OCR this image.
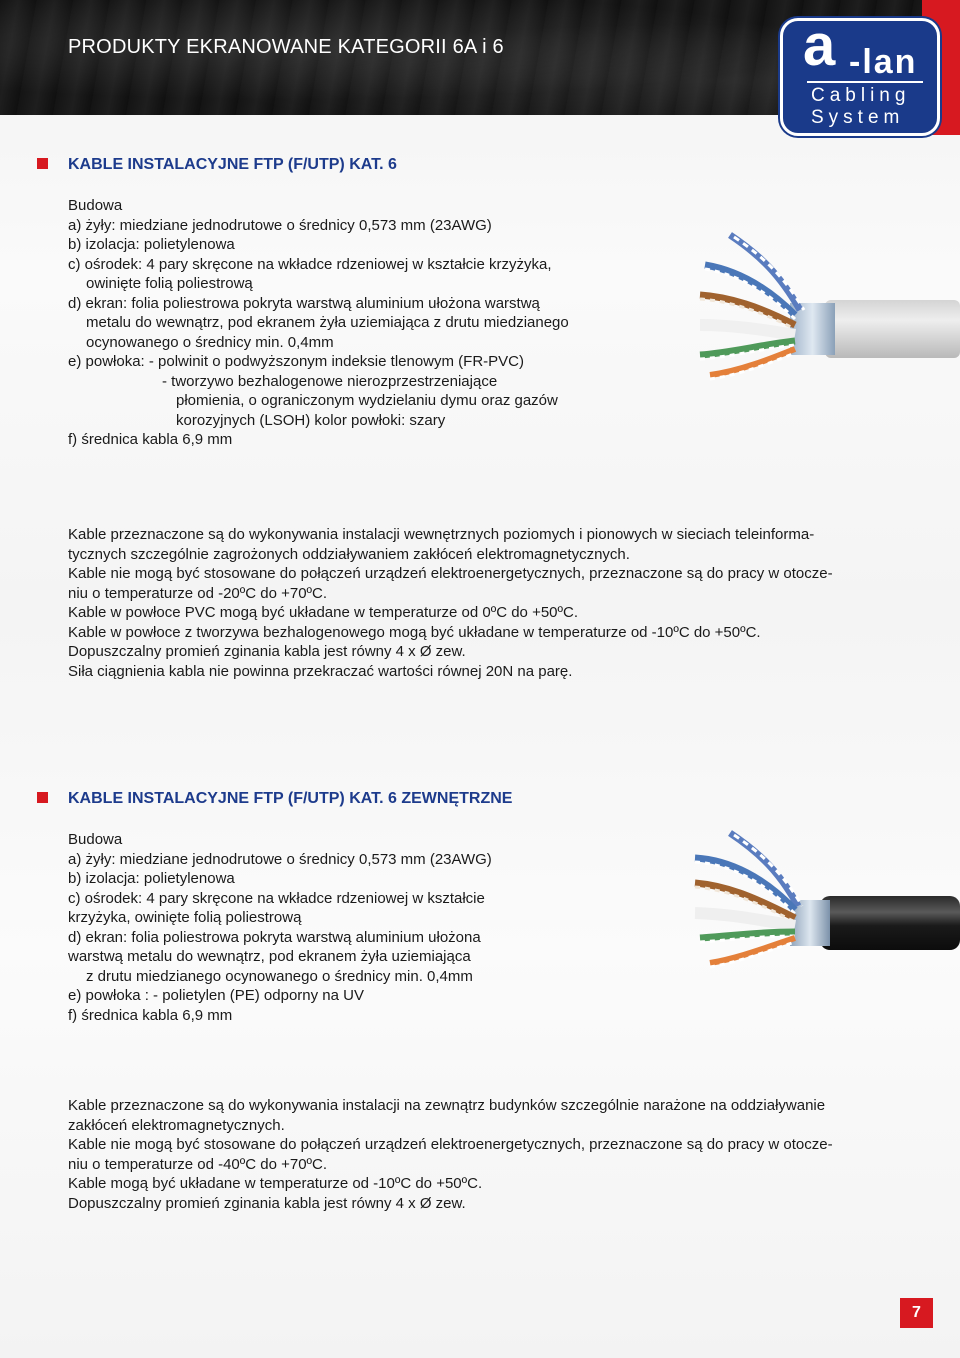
PRODUKTY EKRANOWANE KATEGORII 6A i 6	a -lan
Cabling
System
KABLE INSTALACYJNE FTP (F/UTP) KAT. 6
Budowa
a) żyły: miedziane jednodrutowe o średnicy 0,573 mm (23AWG)
b) izolacja: polietylenowa
c) ośrodek: 4 pary skręcone na wkładce rdzeniowej w kształcie krzyżyka,
owinięte folią poliestrową
d) ekran: folia poliestrowa pokryta warstwą aluminium ułożona warstwą
metalu do wewnątrz, pod ekranem żyła uziemiająca z drutu miedzianego
ocynowanego o średnicy min. 0,4mm
e) powłoka: - polwinit o podwyższonym indeksie tlenowym (FR-PVC)
- tworzywo bezhalogenowe nierozprzestrzeniające
płomienia, o ograniczonym wydzielaniu dymu oraz gazów
korozyjnych (LSOH) kolor powłoki: szary
f) średnica kabla 6,9 mm
Kable przeznaczone są do wykonywania instalacji wewnętrznych poziomych i pionowych w sieciach teleinforma-
tycznych szczególnie zagrożonych oddziaływaniem zakłóceń elektromagnetycznych.
Kable nie mogą być stosowane do połączeń urządzeń elektroenergetycznych, przeznaczone są do pracy w otocze-
niu o temperaturze od -20ºC do +70ºC.
Kable w powłoce PVC mogą być układane w temperaturze od 0ºC do +50ºC.
Kable w powłoce z tworzywa bezhalogenowego mogą być układane w temperaturze od -10ºC do +50ºC.
Dopuszczalny promień zginania kabla jest równy 4 x Ø zew.
Siła ciągnienia kabla nie powinna przekraczać wartości równej 20N na parę.
KABLE INSTALACYJNE FTP (F/UTP) KAT. 6 ZEWNĘTRZNE
Budowa
a) żyły: miedziane jednodrutowe o średnicy 0,573 mm (23AWG)
b) izolacja: polietylenowa
c) ośrodek: 4 pary skręcone na wkładce rdzeniowej w kształcie
krzyżyka, owinięte folią poliestrową
d) ekran: folia poliestrowa pokryta warstwą aluminium ułożona
warstwą metalu do wewnątrz, pod ekranem żyła uziemiająca
z drutu miedzianego ocynowanego o średnicy min. 0,4mm
e) powłoka : - polietylen (PE) odporny na UV
f) średnica kabla 6,9 mm
Kable przeznaczone są do wykonywania instalacji na zewnątrz budynków szczególnie narażone na oddziaływanie
zakłóceń elektromagnetycznych.
Kable nie mogą być stosowane do połączeń urządzeń elektroenergetycznych, przeznaczone są do pracy w otocze-
niu o temperaturze od -40ºC do +70ºC.
Kable mogą być układane w temperaturze od -10ºC do +50ºC.
Dopuszczalny promień zginania kabla jest równy 4 x Ø zew.
7
